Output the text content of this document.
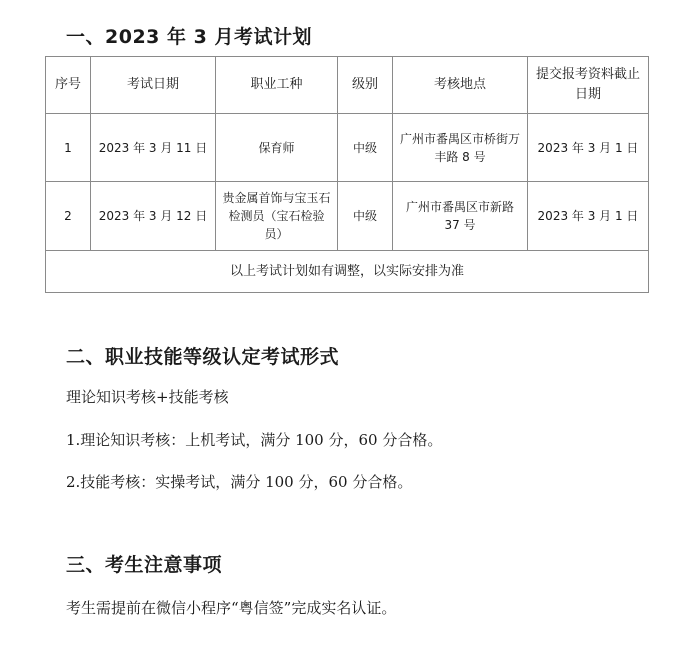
一、2023 年 3 月考试计划
序号	考试日期	职业工种	级别	考核地点	提交报考资料截止日期
1	2023 年 3 月 11 日	保育师	中级	广州市番禺区市桥街万丰路 8 号	2023 年 3 月 1 日
2	2023 年 3 月 12 日	贵金属首饰与宝玉石检测员（宝石检验员）	中级	广州市番禺区市新路 37 号	2023 年 3 月 1 日
以上考试计划如有调整，以实际安排为准					
二、职业技能等级认定考试形式
理论知识考核+技能考核
1.理论知识考核：上机考试，满分 100 分，60 分合格。
2.技能考核：实操考试，满分 100 分，60 分合格。
三、考生注意事项
考生需提前在微信小程序“粤信签”完成实名认证。
